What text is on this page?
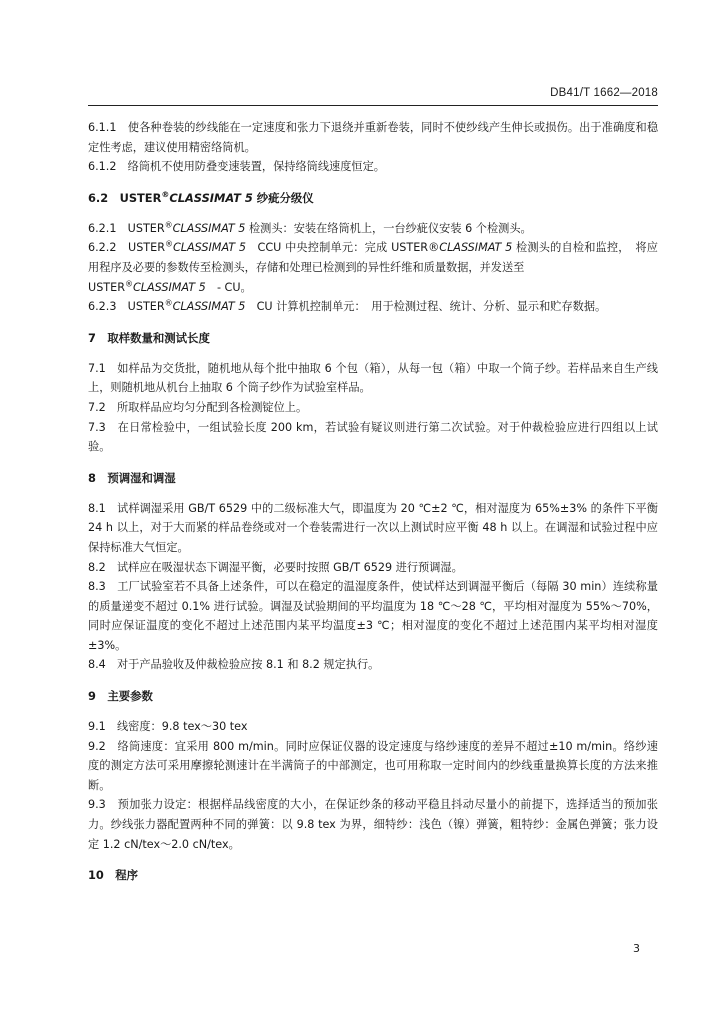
DB41/T 1662—2018

6.1.1　使各种卷装的纱线能在一定速度和张力下退绕并重新卷装，同时不使纱线产生伸长或损伤。出于准确度和稳定性考虑，建议使用精密络筒机。

6.1.2　络筒机不使用防叠变速装置，保持络筒线速度恒定。

6.2　USTER®CLASSIMAT 5 纱疵分级仪

6.2.1　USTER®CLASSIMAT 5 检测头：安装在络筒机上，一台纱疵仪安装 6 个检测头。

6.2.2　USTER®CLASSIMAT 5　CCU 中央控制单元：完成 USTER®CLASSIMAT 5 检测头的自检和监控，　将应用程序及必要的参数传至检测头，存储和处理已检测到的异性纤维和质量数据，并发送至
USTER®CLASSIMAT 5　- CU。

6.2.3　USTER®CLASSIMAT 5　CU 计算机控制单元：　用于检测过程、统计、分析、显示和贮存数据。

7　取样数量和测试长度

7.1　如样品为交货批，随机地从每个批中抽取 6 个包（箱），从每一包（箱）中取一个筒子纱。若样品来自生产线上，则随机地从机台上抽取 6 个筒子纱作为试验室样品。

7.2　所取样品应均匀分配到各检测锭位上。

7.3　在日常检验中，一组试验长度 200 km，若试验有疑议则进行第二次试验。对于仲裁检验应进行四组以上试验。

8　预调湿和调湿

8.1　试样调湿采用 GB/T 6529 中的二级标准大气，即温度为 20 ℃±2 ℃，相对湿度为 65%±3% 的条件下平衡 24 h 以上，对于大而紧的样品卷绕或对一个卷装需进行一次以上测试时应平衡 48 h 以上。在调湿和试验过程中应保持标准大气恒定。

8.2　试样应在吸湿状态下调湿平衡，必要时按照 GB/T 6529 进行预调湿。

8.3　工厂试验室若不具备上述条件，可以在稳定的温湿度条件，使试样达到调湿平衡后（每隔 30 min）连续称量的质量递变不超过 0.1% 进行试验。调湿及试验期间的平均温度为 18 ℃～28 ℃，平均相对湿度为 55%～70%，同时应保证温度的变化不超过上述范围内某平均温度±3 ℃；相对湿度的变化不超过上述范围内某平均相对湿度±3%。

8.4　对于产品验收及仲裁检验应按 8.1 和 8.2 规定执行。

9　主要参数

9.1　线密度：9.8 tex～30 tex

9.2　络筒速度：宜采用 800 m/min。同时应保证仪器的设定速度与络纱速度的差异不超过±10 m/min。络纱速度的测定方法可采用摩擦轮测速计在半满筒子的中部测定，也可用称取一定时间内的纱线重量换算长度的方法来推断。

9.3　预加张力设定：根据样品线密度的大小，在保证纱条的移动平稳且抖动尽量小的前提下，选择适当的预加张力。纱线张力器配置两种不同的弹簧：以 9.8 tex 为界，细特纱：浅色（镍）弹簧，粗特纱：金属色弹簧；张力设定 1.2 cN/tex～2.0 cN/tex。

10　程序

3
